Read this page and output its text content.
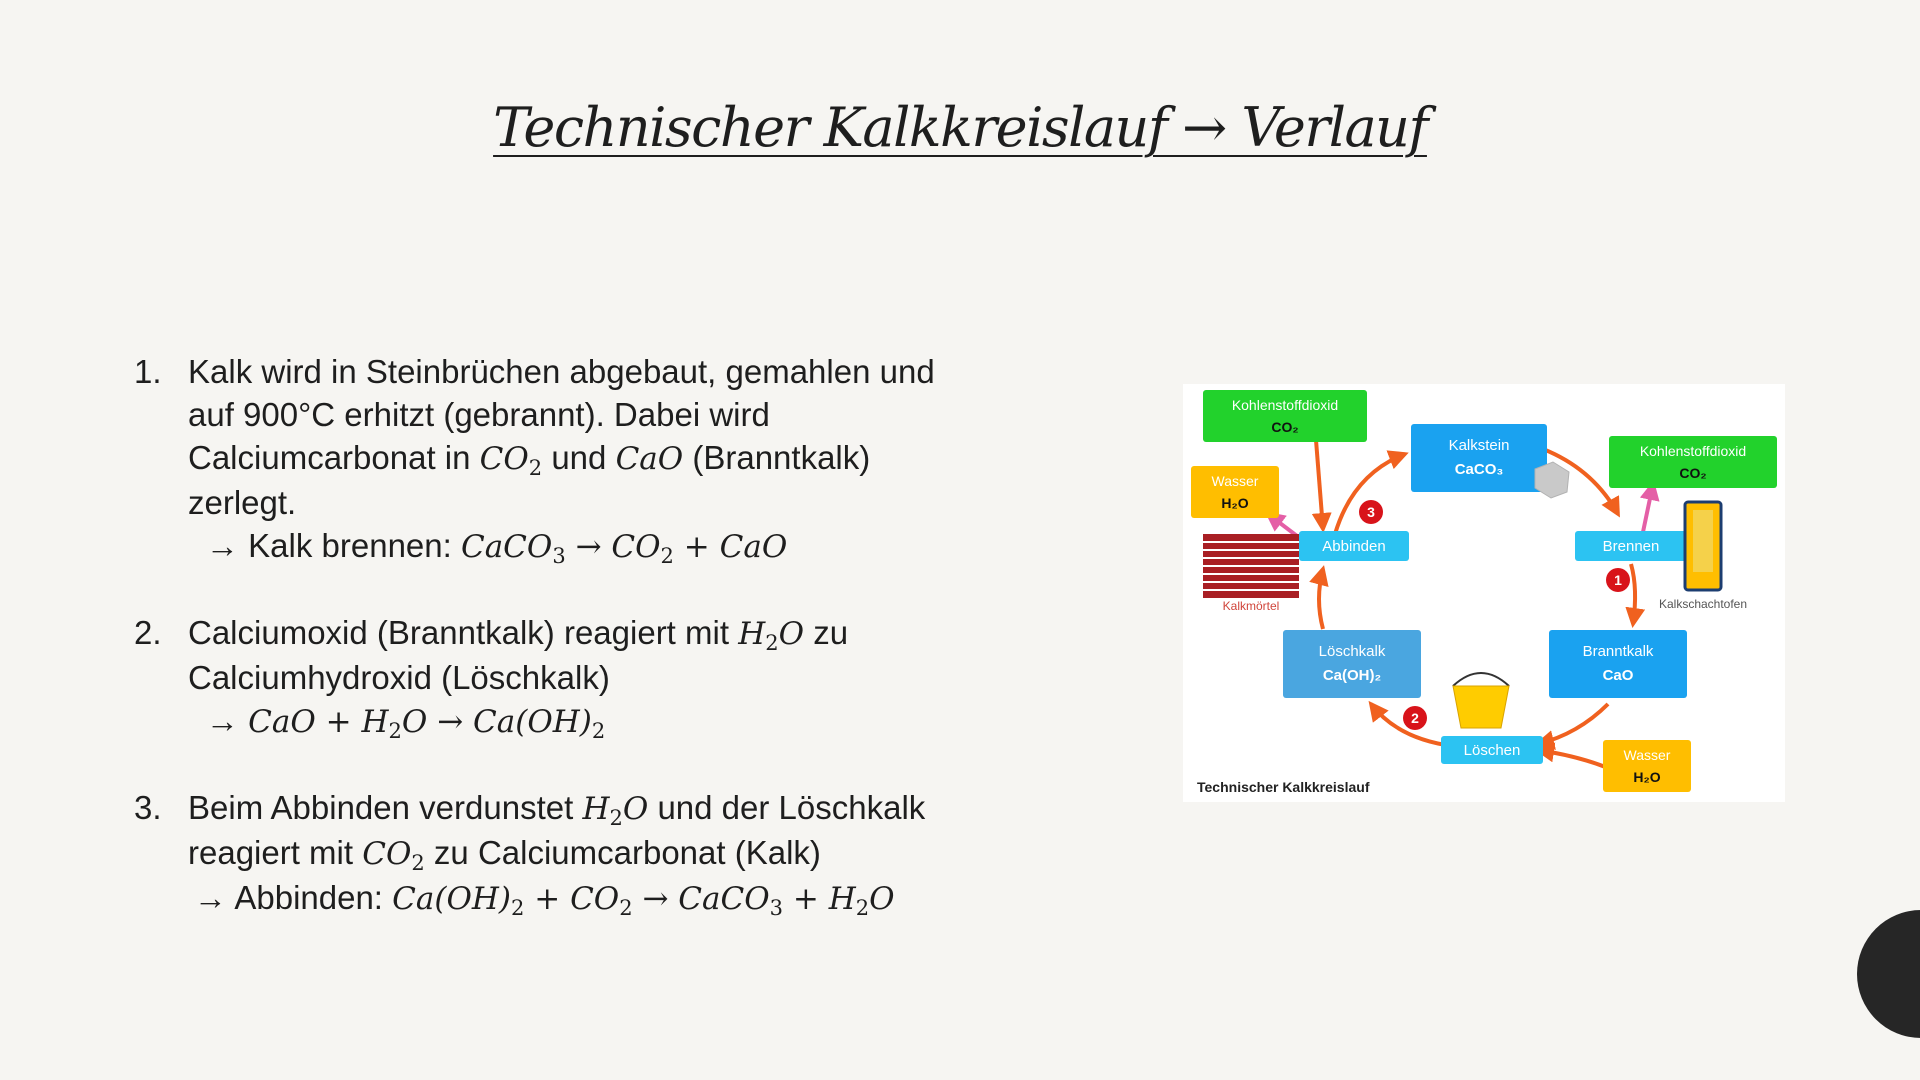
Technischer Kalkkreislauf → Verlauf
1. Kalk wird in Steinbrüchen abgebaut, gemahlen und
auf 900°C erhitzt (gebrannt). Dabei wird
Calciumcarbonat in $CO_2$ und CaO (Branntkalk)
zerlegt.
→ Kalk brennen: CaCO$_3$ → $CO_2$ + CaO
2. Calciumoxid (Branntkalk) reagiert mit $H_2O$ zu
Calciumhydroxid (Löschkalk)
→ CaO + $H_2O \to Ca(OH)_2$
3. Beim Abbinden verdunstet $H_2O$ und der Löschkalk
reagiert mit $CO_2$ zu Calciumcarbonat (Kalk)
→ Abbinden: $Ca(OH)_2 + CO_2$ → CaCO$_3$ + $H_2O$
Kohlenstoffdioxid
CO₂
Kalkstein
CaCO₃
Kohlenstoffdioxid
CO₂
Wasser
H₂O
Abbinden	Brennen
Kalkschachtofen
Kalkmörtel
3
1
2
Löschkalk
Ca(OH)₂
Branntkalk
CaO
Löschen	Wasser
H₂O
Technischer Kalkkreislauf
